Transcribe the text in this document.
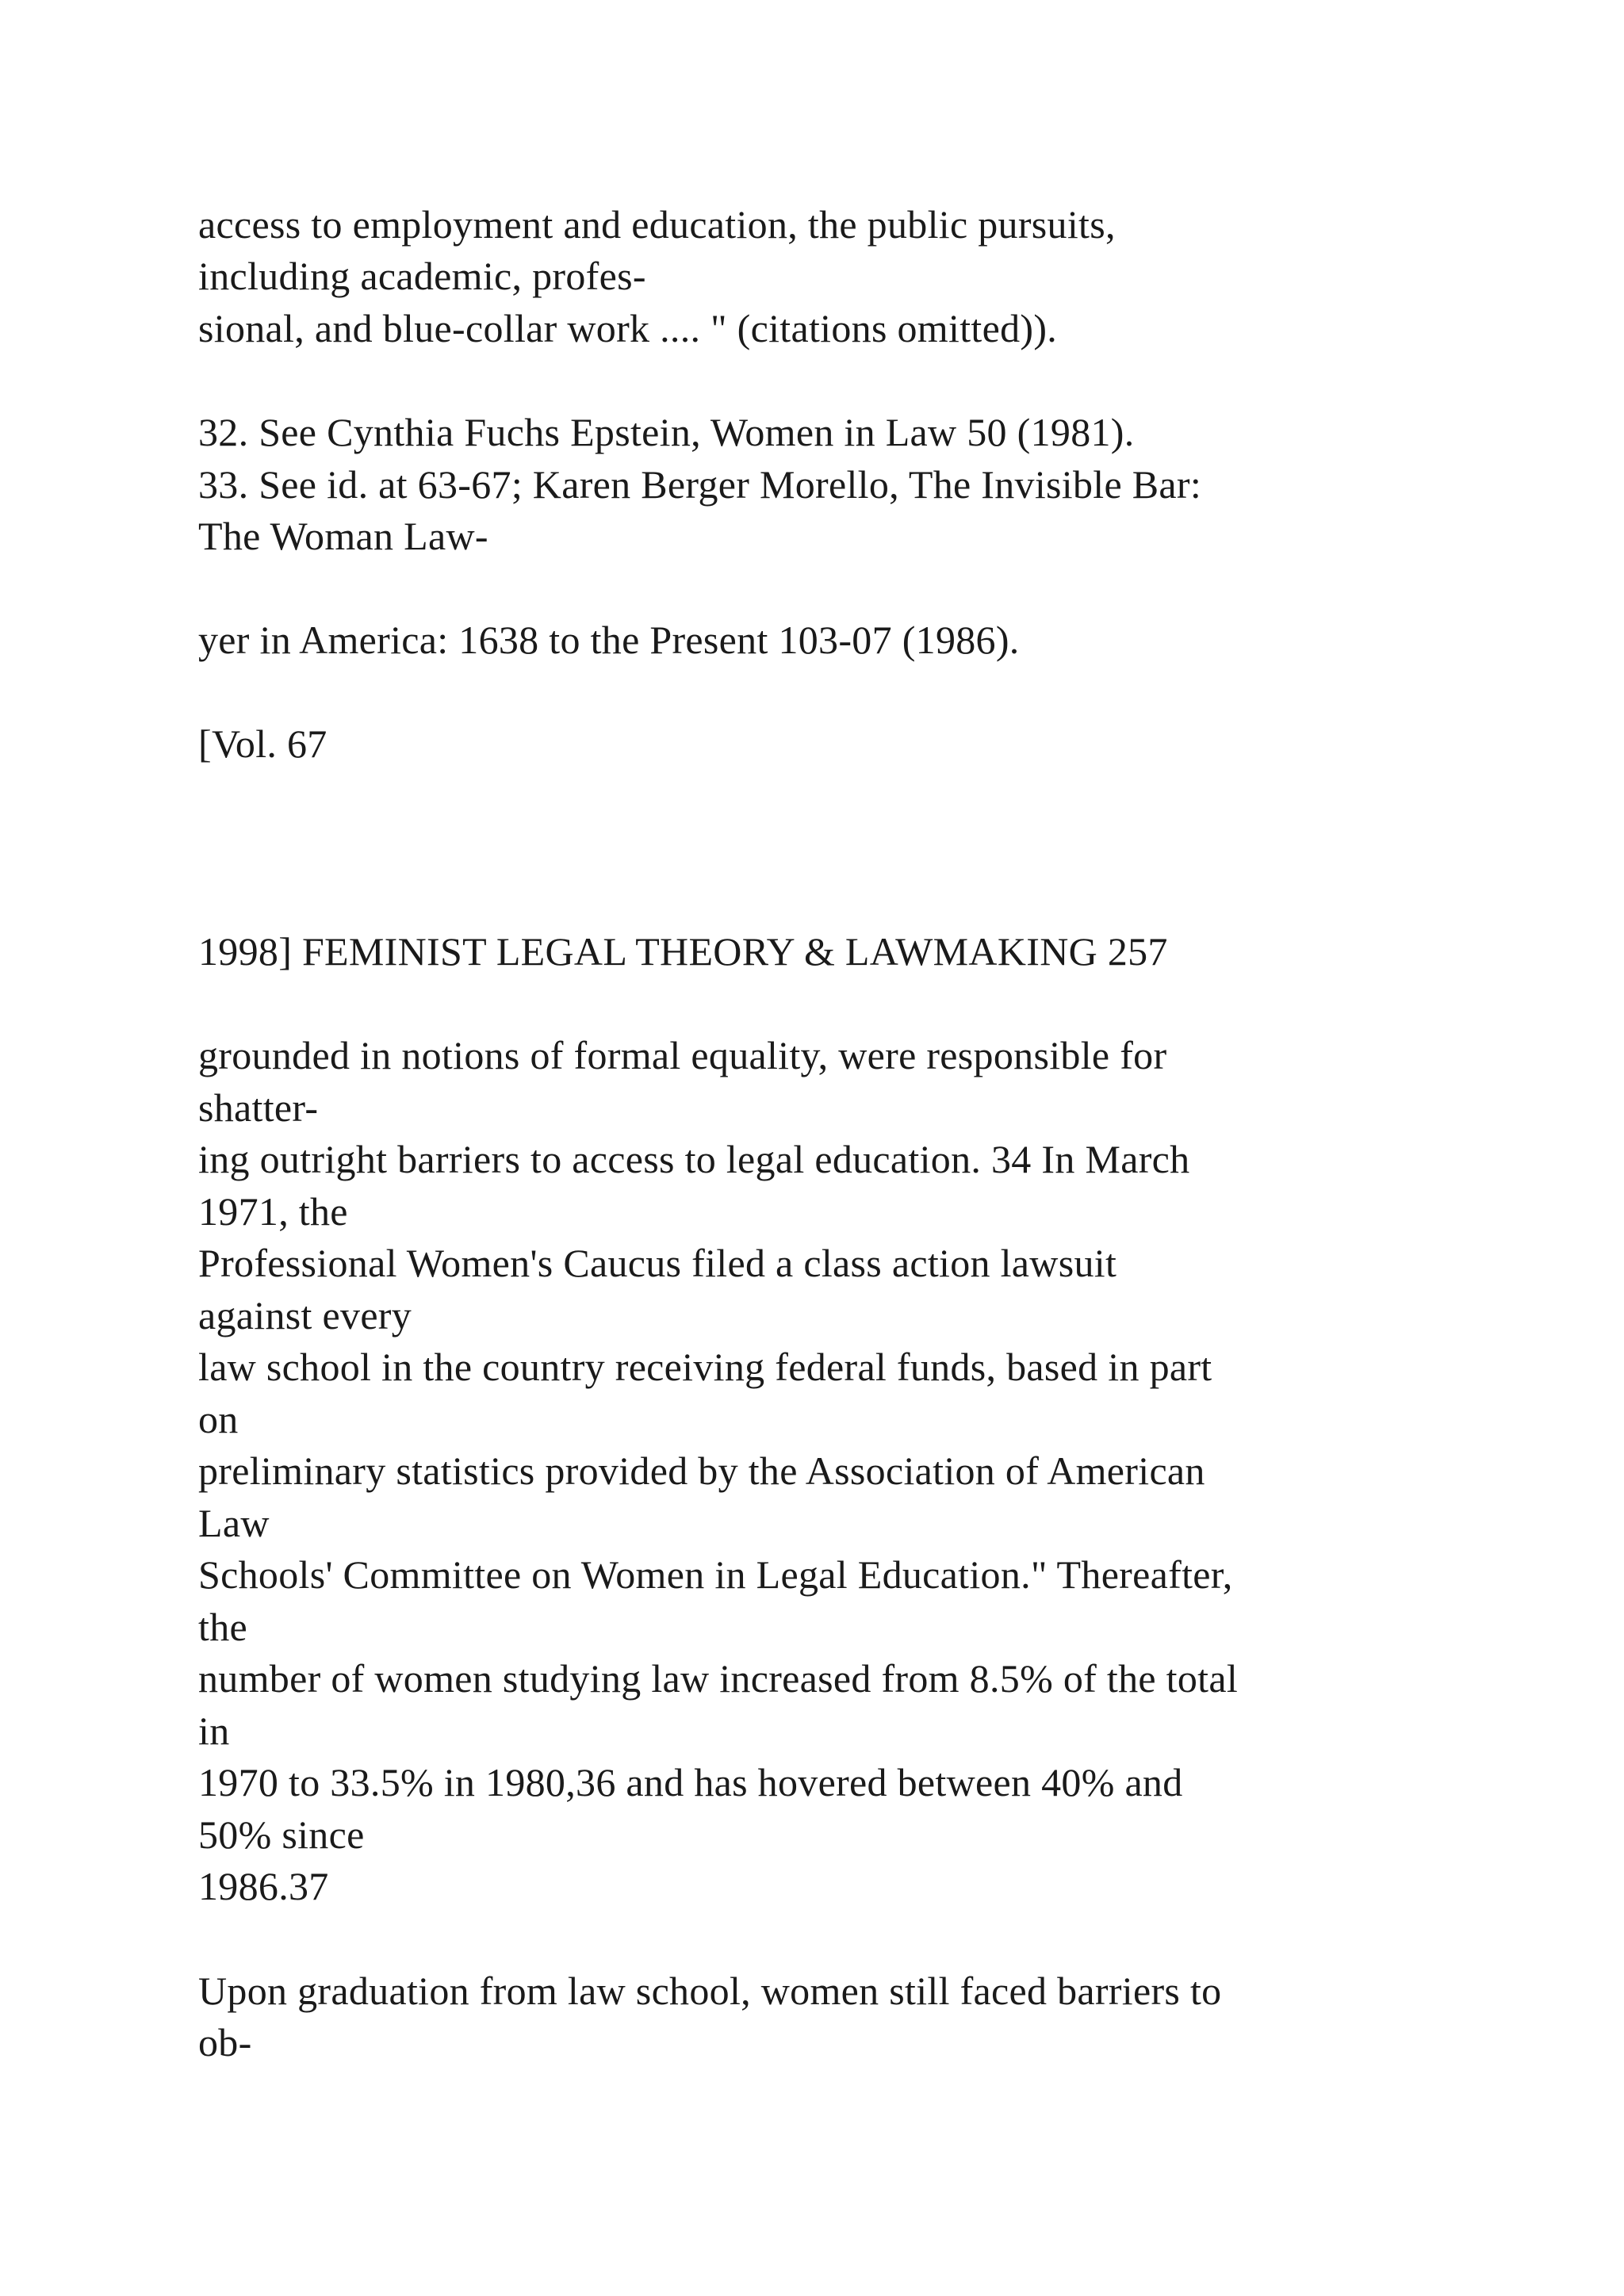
access to employment and education, the public pursuits,
including academic, profes-
sional, and blue-collar work .... " (citations omitted)).
32. See Cynthia Fuchs Epstein, Women in Law 50 (1981).
33. See id. at 63-67; Karen Berger Morello, The Invisible Bar:
The Woman Law-
yer in America: 1638 to the Present 103-07 (1986).
[Vol. 67
1998] FEMINIST LEGAL THEORY & LAWMAKING 257
grounded in notions of formal equality, were responsible for
shatter-
ing outright barriers to access to legal education. 34 In March
1971, the
Professional Women's Caucus filed a class action lawsuit
against every
law school in the country receiving federal funds, based in part
on
preliminary statistics provided by the Association of American
Law
Schools' Committee on Women in Legal Education." Thereafter,
the
number of women studying law increased from 8.5% of the total
in
1970 to 33.5% in 1980,36 and has hovered between 40% and
50% since
1986.37
Upon graduation from law school, women still faced barriers to
ob-
